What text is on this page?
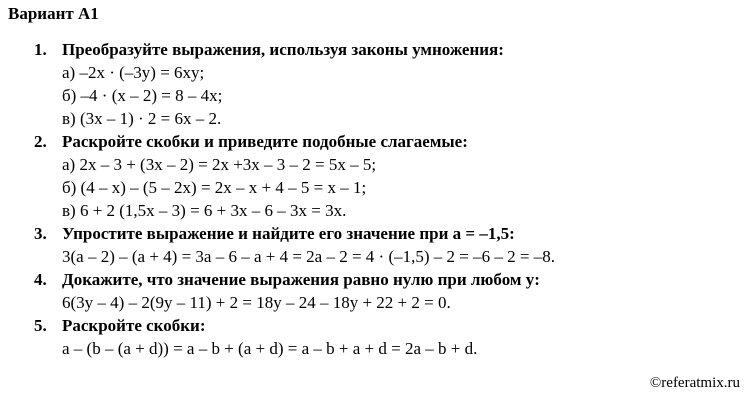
Вариант А1
1. Преобразуйте выражения, используя законы умножения:
а) –2x · (–3y) = 6xy;
б) –4 · (x – 2) = 8 – 4x;
в) (3x – 1) · 2 = 6x – 2.
2. Раскройте скобки и приведите подобные слагаемые:
а) 2x – 3 + (3x – 2) = 2x +3x – 3 – 2 = 5x – 5;
б) (4 – x) – (5 – 2x) = 2x – x + 4 – 5 = x – 1;
в) 6 + 2 (1,5x – 3) = 6 + 3x – 6 – 3x = 3x.
3. Упростите выражение и найдите его значение при a = –1,5:
3(a – 2) – (a + 4) = 3a – 6 – a + 4 = 2a – 2 = 4 · (–1,5) – 2 = –6 – 2 = –8.
4. Докажите, что значение выражения равно нулю при любом y:
6(3y – 4) – 2(9y – 11) + 2 = 18y – 24 – 18y + 22 + 2 = 0.
5. Раскройте скобки:
a – (b – (a + d)) = a – b + (a + d) = a – b + a + d = 2a – b + d.
©referatmix.ru
